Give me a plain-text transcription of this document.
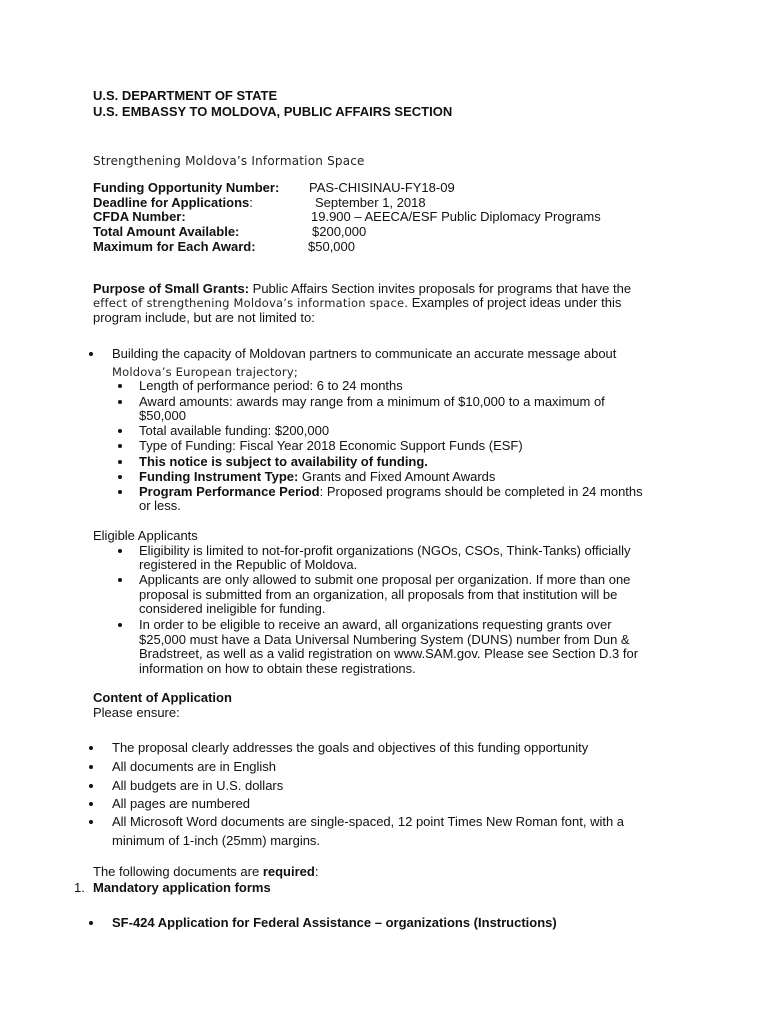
U.S. DEPARTMENT OF STATE
U.S. EMBASSY TO MOLDOVA, PUBLIC AFFAIRS SECTION
Strengthening Moldova’s Information Space
Funding Opportunity Number: PAS-CHISINAU-FY18-09
Deadline for Applications:	September 1, 2018
CFDA Number:	19.900 – AEECA/ESF Public Diplomacy Programs
Total Amount Available:	$200,000
Maximum for Each Award:	$50,000
Purpose of Small Grants: Public Affairs Section invites proposals for programs that have the
effect of strengthening Moldova’s information space. Examples of project ideas under this
program include, but are not limited to:
Building the capacity of Moldovan partners to communicate an accurate message about
Moldova’s European trajectory;
Length of performance period: 6 to 24 months
Award amounts: awards may range from a minimum of $10,000 to a maximum of
$50,000
Total available funding: $200,000
Type of Funding: Fiscal Year 2018 Economic Support Funds (ESF)
This notice is subject to availability of funding.
Funding Instrument Type: Grants and Fixed Amount Awards
Program Performance Period: Proposed programs should be completed in 24 months
or less.
Eligible Applicants
Eligibility is limited to not-for-profit organizations (NGOs, CSOs, Think-Tanks) officially
registered in the Republic of Moldova.
Applicants are only allowed to submit one proposal per organization. If more than one
proposal is submitted from an organization, all proposals from that institution will be
considered ineligible for funding.
In order to be eligible to receive an award, all organizations requesting grants over
$25,000 must have a Data Universal Numbering System (DUNS) number from Dun &
Bradstreet, as well as a valid registration on www.SAM.gov. Please see Section D.3 for
information on how to obtain these registrations.
Content of Application
Please ensure:
The proposal clearly addresses the goals and objectives of this funding opportunity
All documents are in English
All budgets are in U.S. dollars
All pages are numbered
All Microsoft Word documents are single-spaced, 12 point Times New Roman font, with a
minimum of 1-inch (25mm) margins.
The following documents are required:
1. Mandatory application forms
SF-424 Application for Federal Assistance – organizations (Instructions)
